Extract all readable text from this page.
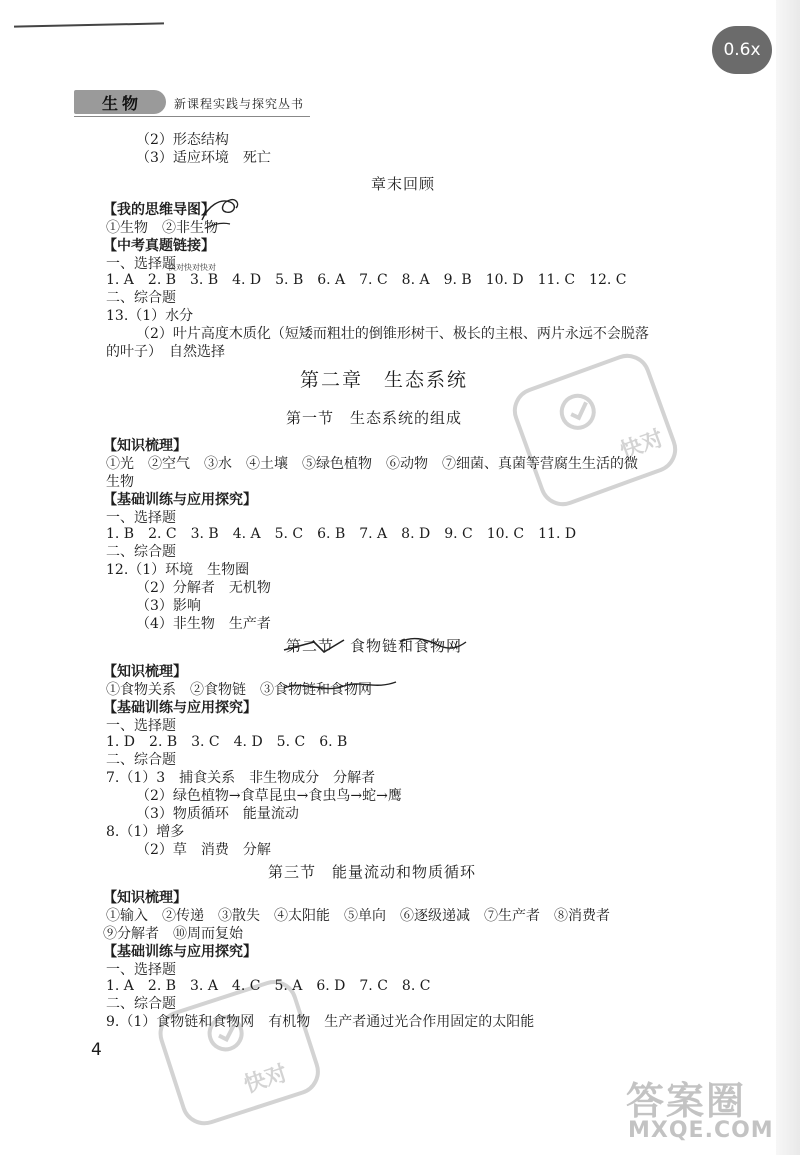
0.6x
生物	新课程实践与探究丛书
快对
快对
（2）形态结构
（3）适应环境　死亡
章末回顾
【我的思维导图】
①生物　②非生物
【中考真题链接】
一、选择题
1. A　2. B　3. B　4. D　5. B　6. A　7. C　8. A　9. B　10. D　11. C　12. C
二、综合题
13.（1）水分
（2）叶片高度木质化（短矮而粗壮的倒锥形树干、极长的主根、两片永远不会脱落
的叶子）　自然选择
第二章　生态系统
第一节　生态系统的组成
【知识梳理】
①光　②空气　③水　④土壤　⑤绿色植物　⑥动物　⑦细菌、真菌等营腐生生活的微
生物
【基础训练与应用探究】
一、选择题
1. B　2. C　3. B　4. A　5. C　6. B　7. A　8. D　9. C　10. C　11. D
二、综合题
12.（1）环境　生物圈
（2）分解者　无机物
（3）影响
（4）非生物　生产者
第二节　食物链和食物网
【知识梳理】
①食物关系　②食物链　③食物链和食物网
【基础训练与应用探究】
一、选择题
1. D　2. B　3. C　4. D　5. C　6. B
二、综合题
7.（1）3　捕食关系　非生物成分　分解者
（2）绿色植物→食草昆虫→食虫鸟→蛇→鹰
（3）物质循环　能量流动
8.（1）增多
（2）草　消费　分解
第三节　能量流动和物质循环
【知识梳理】
①输入　②传递　③散失　④太阳能　⑤单向　⑥逐级递减　⑦生产者　⑧消费者
⑨分解者　⑩周而复始
【基础训练与应用探究】
一、选择题
1. A　2. B　3. A　4. C　5. A　6. D　7. C　8. C
二、综合题
9.（1）食物链和食物网　有机物　生产者通过光合作用固定的太阳能
快对快对快对
4
答案圈
MXQE.COM
